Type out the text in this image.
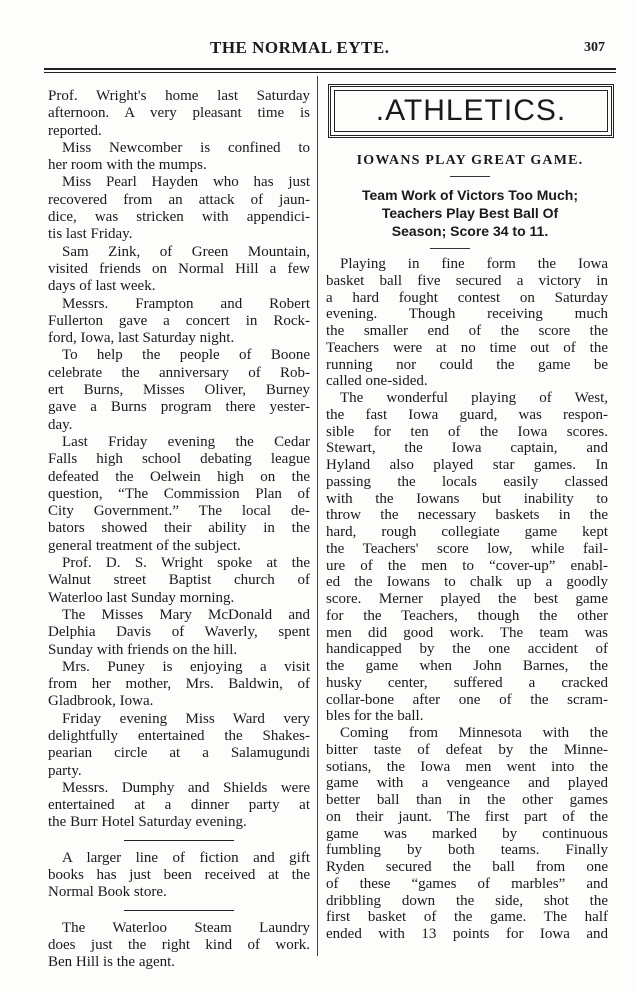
THE NORMAL EYTE.	307
Prof. Wright's home last Saturday
afternoon. A very pleasant time is
reported.
Miss Newcomber is confined to
her room with the mumps.
Miss Pearl Hayden who has just
recovered from an attack of jaun-
dice, was stricken with appendici-
tis last Friday.
Sam Zink, of Green Mountain,
visited friends on Normal Hill a few
days of last week.
Messrs. Frampton and Robert
Fullerton gave a concert in Rock-
ford, Iowa, last Saturday night.
To help the people of Boone
celebrate the anniversary of Rob-
ert Burns, Misses Oliver, Burney
gave a Burns program there yester-
day.
Last Friday evening the Cedar
Falls high school debating league
defeated the Oelwein high on the
question, “The Commission Plan of
City Government.” The local de-
bators showed their ability in the
general treatment of the subject.
Prof. D. S. Wright spoke at the
Walnut street Baptist church of
Waterloo last Sunday morning.
The Misses Mary McDonald and
Delphia Davis of Waverly, spent
Sunday with friends on the hill.
Mrs. Puney is enjoying a visit
from her mother, Mrs. Baldwin, of
Gladbrook, Iowa.
Friday evening Miss Ward very
delightfully entertained the Shakes-
pearian circle at a Salamugundi
party.
Messrs. Dumphy and Shields were
entertained at a dinner party at
the Burr Hotel Saturday evening.
A larger line of fiction and gift
books has just been received at the
Normal Book store.
The Waterloo Steam Laundry
does just the right kind of work.
Ben Hill is the agent.
.ATHLETICS.
IOWANS PLAY GREAT GAME.
Team Work of Victors Too Much;
Teachers Play Best Ball Of
Season; Score 34 to 11.
Playing in fine form the Iowa
basket ball five secured a victory in
a hard fought contest on Saturday
evening. Though receiving much
the smaller end of the score the
Teachers were at no time out of the
running nor could the game be
called one-sided.
The wonderful playing of West,
the fast Iowa guard, was respon-
sible for ten of the Iowa scores.
Stewart, the Iowa captain, and
Hyland also played star games. In
passing the locals easily classed
with the Iowans but inability to
throw the necessary baskets in the
hard, rough collegiate game kept
the Teachers' score low, while fail-
ure of the men to “cover-up” enabl-
ed the Iowans to chalk up a goodly
score. Merner played the best game
for the Teachers, though the other
men did good work. The team was
handicapped by the one accident of
the game when John Barnes, the
husky center, suffered a cracked
collar-bone after one of the scram-
bles for the ball.
Coming from Minnesota with the
bitter taste of defeat by the Minne-
sotians, the Iowa men went into the
game with a vengeance and played
better ball than in the other games
on their jaunt. The first part of the
game was marked by continuous
fumbling by both teams. Finally
Ryden secured the ball from one
of these “games of marbles” and
dribbling down the side, shot the
first basket of the game. The half
ended with 13 points for Iowa and
